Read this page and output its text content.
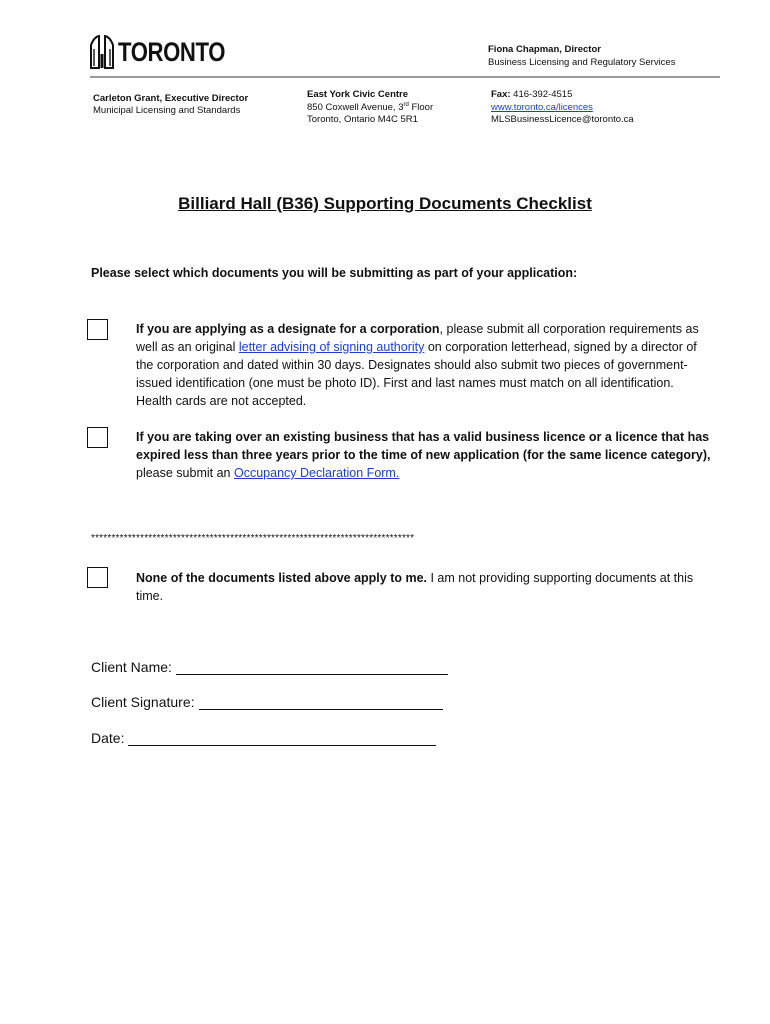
TORONTO	Fiona Chapman, Director
Business Licensing and Regulatory Services
Carleton Grant, Executive Director
Municipal Licensing and Standards
East York Civic Centre
850 Coxwell Avenue, 3rd Floor
Toronto, Ontario M4C 5R1
Fax: 416-392-4515
www.toronto.ca/licences
MLSBusinessLicence@toronto.ca
Billiard Hall (B36) Supporting Documents Checklist
Please select which documents you will be submitting as part of your application:
If you are applying as a designate for a corporation, please submit all corporation requirements as well as an original letter advising of signing authority on corporation letterhead, signed by a director of the corporation and dated within 30 days. Designates should also submit two pieces of government-issued identification (one must be photo ID). First and last names must match on all identification. Health cards are not accepted.
If you are taking over an existing business that has a valid business licence or a licence that has expired less than three years prior to the time of new application (for the same licence category), please submit an Occupancy Declaration Form.
*******************************************************************************
None of the documents listed above apply to me. I am not providing supporting documents at this time.
Client Name:
Client Signature:
Date:
